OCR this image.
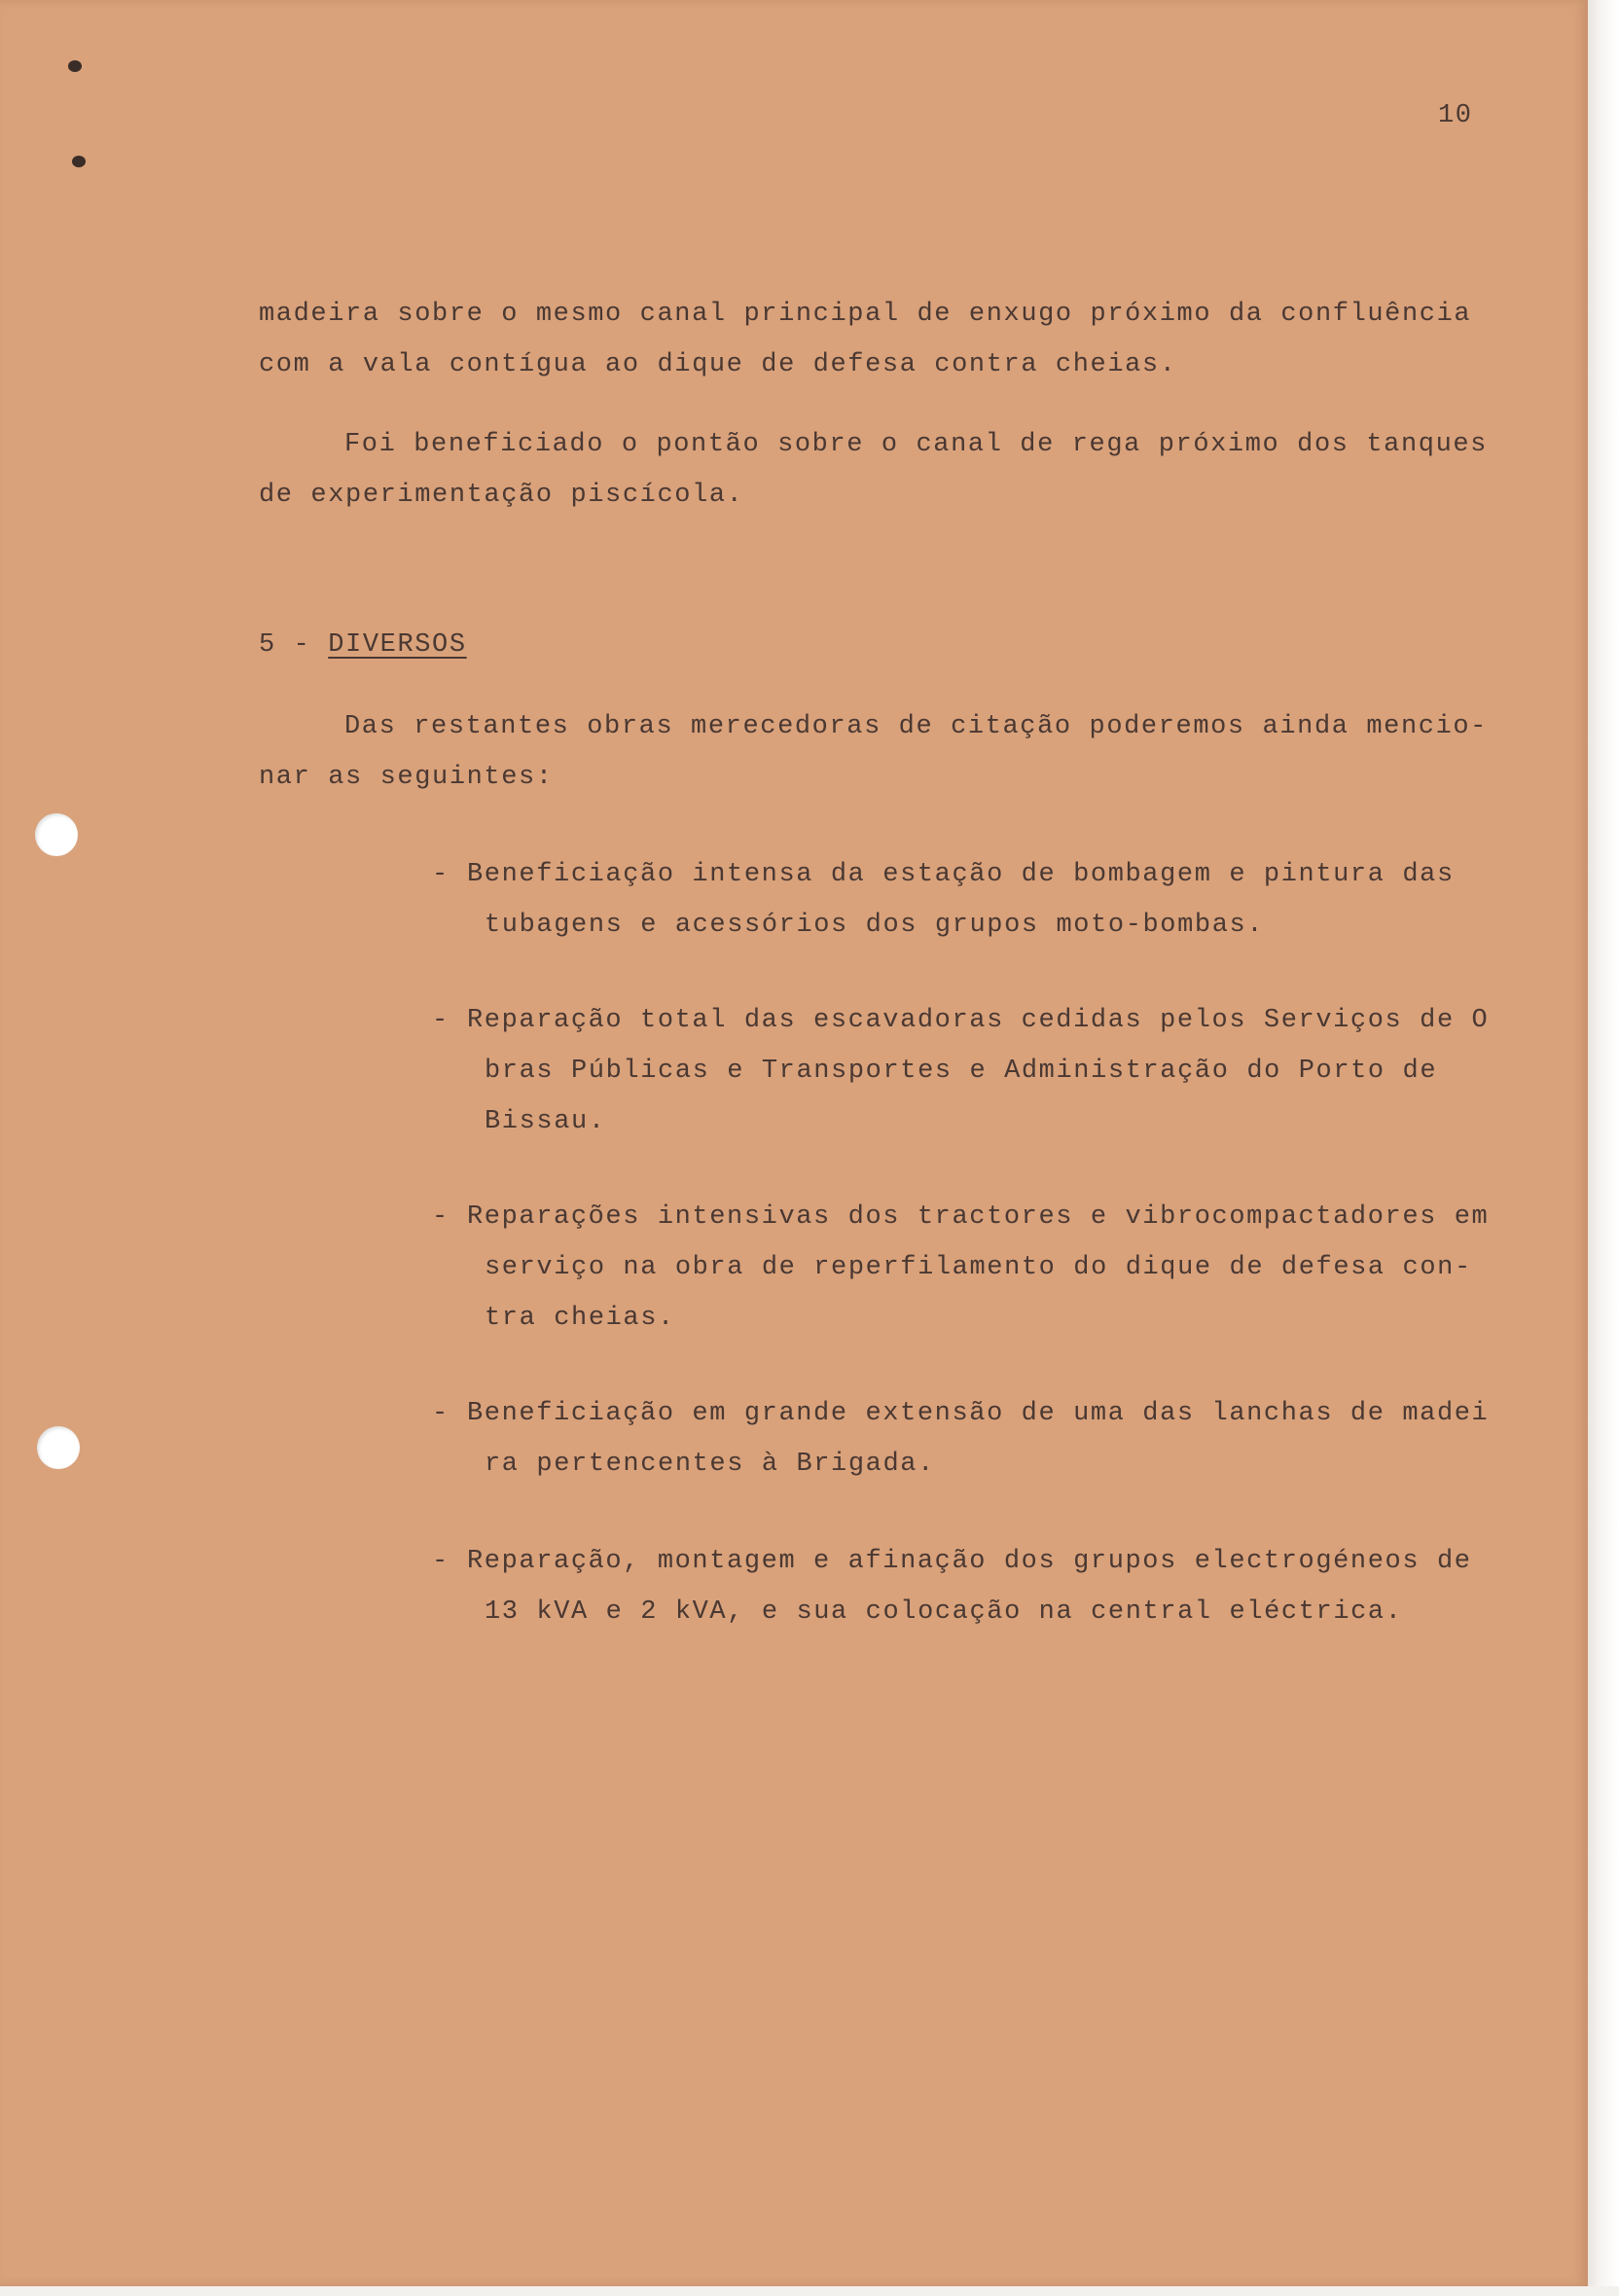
10
madeira sobre o mesmo canal principal de enxugo próximo da confluência
com a vala contígua ao dique de defesa contra cheias.
Foi beneficiado o pontão sobre o canal de rega próximo dos tanques
de experimentação piscícola.
5 - DIVERSOS
Das restantes obras merecedoras de citação poderemos ainda mencio-
nar as seguintes:
- Beneficiação intensa da estação de bombagem e pintura das
tubagens e acessórios dos grupos moto-bombas.
- Reparação total das escavadoras cedidas pelos Serviços de O
bras Públicas e Transportes e Administração do Porto de
Bissau.
- Reparações intensivas dos tractores e vibrocompactadores em
serviço na obra de reperfilamento do dique de defesa con-
tra cheias.
- Beneficiação em grande extensão de uma das lanchas de madei
ra pertencentes à Brigada.
- Reparação, montagem e afinação dos grupos electrogéneos de
13 kVA e 2 kVA, e sua colocação na central eléctrica.
